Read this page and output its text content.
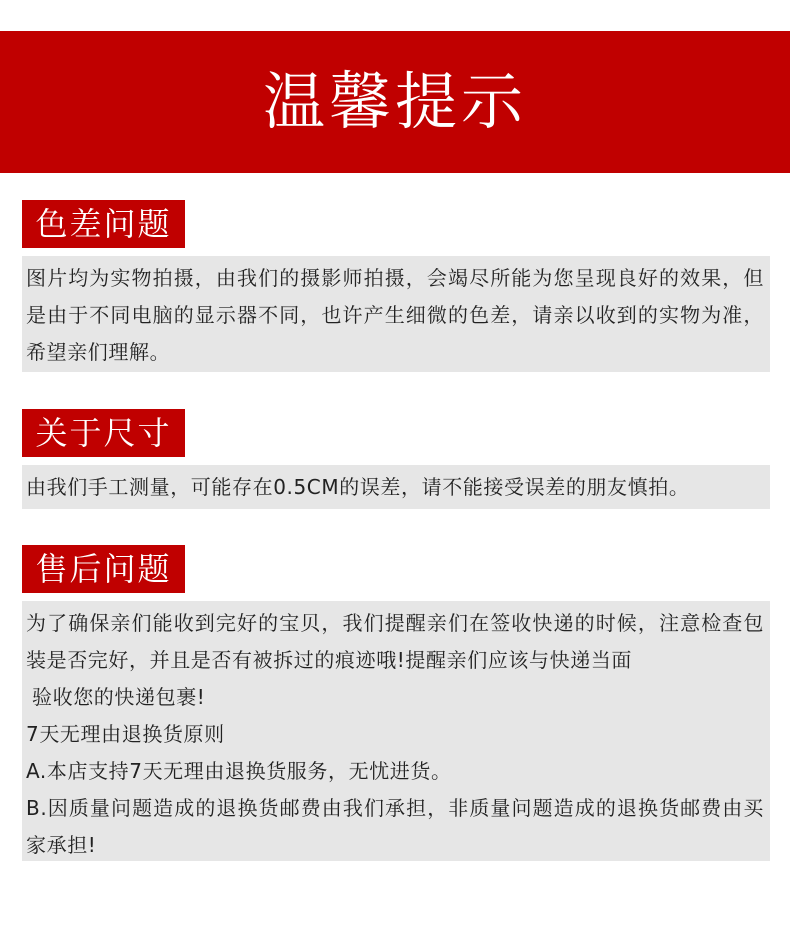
温馨提示
色差问题

图片均为实物拍摄，由我们的摄影师拍摄，会竭尽所能为您呈现良好的效果，但是由于不同电脑的显示器不同，也许产生细微的色差，请亲以收到的实物为准，希望亲们理解。

关于尺寸

由我们手工测量，可能存在0.5CM的误差，请不能接受误差的朋友慎拍。

售后问题

为了确保亲们能收到完好的宝贝，我们提醒亲们在签收快递的时候，注意检查包装是否完好，并且是否有被拆过的痕迹哦!提醒亲们应该与快递当面

验收您的快递包裹!

7天无理由退换货原则

A.本店支持7天无理由退换货服务，无忧进货。

B.因质量问题造成的退换货邮费由我们承担，非质量问题造成的退换货邮费由买家承担!
